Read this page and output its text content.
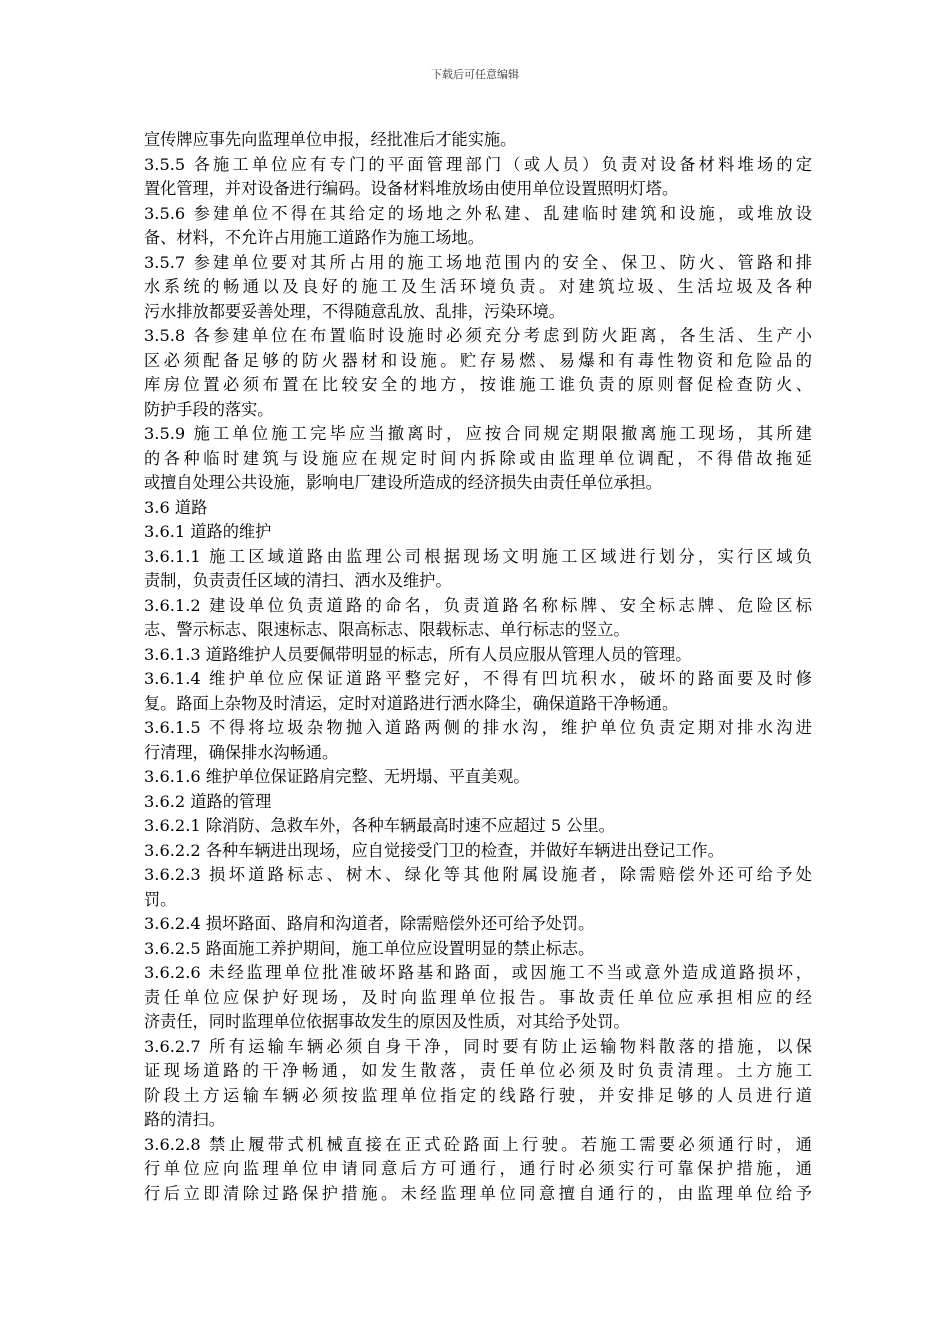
下载后可任意编辑

宣传牌应事先向监理单位申报，经批准后才能实施。

3.5.5 各施工单位应有专门的平面管理部门（或人员）负责对设备材料堆场的定

置化管理，并对设备进行编码。设备材料堆放场由使用单位设置照明灯塔。

3.5.6 参建单位不得在其给定的场地之外私建、乱建临时建筑和设施，或堆放设

备、材料，不允许占用施工道路作为施工场地。

3.5.7 参建单位要对其所占用的施工场地范围内的安全、保卫、防火、管路和排

水系统的畅通以及良好的施工及生活环境负责。对建筑垃圾、生活垃圾及各种

污水排放都要妥善处理，不得随意乱放、乱排，污染环境。

3.5.8 各参建单位在布置临时设施时必须充分考虑到防火距离，各生活、生产小

区必须配备足够的防火器材和设施。贮存易燃、易爆和有毒性物资和危险品的

库房位置必须布置在比较安全的地方，按谁施工谁负责的原则督促检查防火、

防护手段的落实。

3.5.9 施工单位施工完毕应当撤离时，应按合同规定期限撤离施工现场，其所建

的各种临时建筑与设施应在规定时间内拆除或由监理单位调配，不得借故拖延

或擅自处理公共设施，影响电厂建设所造成的经济损失由责任单位承担。

3.6 道路

3.6.1 道路的维护

3.6.1.1 施工区域道路由监理公司根据现场文明施工区域进行划分，实行区域负

责制，负责责任区域的清扫、洒水及维护。

3.6.1.2 建设单位负责道路的命名，负责道路名称标牌、安全标志牌、危险区标

志、警示标志、限速标志、限高标志、限载标志、单行标志的竖立。

3.6.1.3 道路维护人员要佩带明显的标志，所有人员应服从管理人员的管理。

3.6.1.4 维护单位应保证道路平整完好，不得有凹坑积水，破坏的路面要及时修

复。路面上杂物及时清运，定时对道路进行洒水降尘，确保道路干净畅通。

3.6.1.5 不得将垃圾杂物抛入道路两侧的排水沟，维护单位负责定期对排水沟进

行清理，确保排水沟畅通。

3.6.1.6 维护单位保证路肩完整、无坍塌、平直美观。

3.6.2 道路的管理

3.6.2.1 除消防、急救车外，各种车辆最高时速不应超过 5 公里。

3.6.2.2 各种车辆进出现场，应自觉接受门卫的检查，并做好车辆进出登记工作。

3.6.2.3 损坏道路标志、树木、绿化等其他附属设施者，除需赔偿外还可给予处

罚。

3.6.2.4 损坏路面、路肩和沟道者，除需赔偿外还可给予处罚。

3.6.2.5 路面施工养护期间，施工单位应设置明显的禁止标志。

3.6.2.6 未经监理单位批准破坏路基和路面，或因施工不当或意外造成道路损坏，

责任单位应保护好现场，及时向监理单位报告。事故责任单位应承担相应的经

济责任，同时监理单位依据事故发生的原因及性质，对其给予处罚。

3.6.2.7 所有运输车辆必须自身干净，同时要有防止运输物料散落的措施，以保

证现场道路的干净畅通，如发生散落，责任单位必须及时负责清理。土方施工

阶段土方运输车辆必须按监理单位指定的线路行驶，并安排足够的人员进行道

路的清扫。

3.6.2.8 禁止履带式机械直接在正式砼路面上行驶。若施工需要必须通行时，通

行单位应向监理单位申请同意后方可通行，通行时必须实行可靠保护措施，通

行后立即清除过路保护措施。未经监理单位同意擅自通行的，由监理单位给予
